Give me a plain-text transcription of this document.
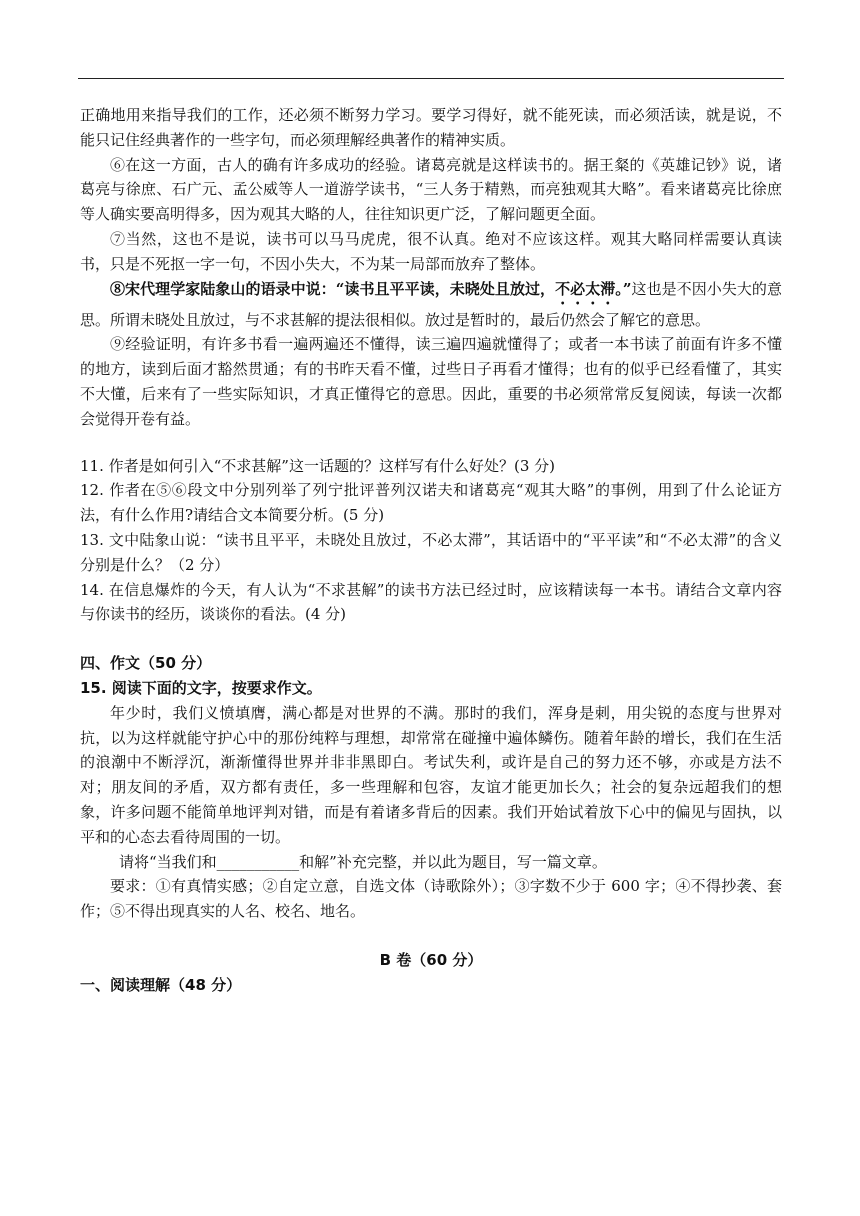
正确地用来指导我们的工作，还必须不断努力学习。要学习得好，就不能死读，而必须活读，就是说，不能只记住经典著作的一些字句，而必须理解经典著作的精神实质。

⑥在这一方面，古人的确有许多成功的经验。诸葛亮就是这样读书的。据王粲的《英雄记钞》说，诸葛亮与徐庶、石广元、孟公威等人一道游学读书，“三人务于精熟，而亮独观其大略”。看来诸葛亮比徐庶等人确实要高明得多，因为观其大略的人，往往知识更广泛，了解问题更全面。

⑦当然，这也不是说，读书可以马马虎虎，很不认真。绝对不应该这样。观其大略同样需要认真读书，只是不死抠一字一句，不因小失大，不为某一局部而放弃了整体。

⑧宋代理学家陆象山的语录中说：“读书且平平读，未晓处且放过，不必太滞。”这也是不因小失大的意思。所谓未晓处且放过，与不求甚解的提法很相似。放过是暂时的，最后仍然会了解它的意思。

⑨经验证明，有许多书看一遍两遍还不懂得，读三遍四遍就懂得了；或者一本书读了前面有许多不懂的地方，读到后面才豁然贯通；有的书昨天看不懂，过些日子再看才懂得；也有的似乎已经看懂了，其实不大懂，后来有了一些实际知识，才真正懂得它的意思。因此，重要的书必须常常反复阅读，每读一次都会觉得开卷有益。

11. 作者是如何引入“不求甚解”这一话题的？这样写有什么好处？(3 分)

12. 作者在⑤⑥段文中分别列举了列宁批评普列汉诺夫和诸葛亮“观其大略”的事例，用到了什么论证方法，有什么作用?请结合文本简要分析。(5 分)

13. 文中陆象山说：“读书且平平，未晓处且放过，不必太滞”，其话语中的“平平读”和“不必太滞”的含义分别是什么？（2 分）

14. 在信息爆炸的今天，有人认为“不求甚解”的读书方法已经过时，应该精读每一本书。请结合文章内容与你读书的经历，谈谈你的看法。(4 分)

四、作文（50 分）

15. 阅读下面的文字，按要求作文。

年少时，我们义愤填膺，满心都是对世界的不满。那时的我们，浑身是刺，用尖锐的态度与世界对抗，以为这样就能守护心中的那份纯粹与理想，却常常在碰撞中遍体鳞伤。随着年龄的增长，我们在生活的浪潮中不断浮沉，渐渐懂得世界并非非黑即白。考试失利，或许是自己的努力还不够，亦或是方法不对；朋友间的矛盾，双方都有责任，多一些理解和包容，友谊才能更加长久；社会的复杂远超我们的想象，许多问题不能简单地评判对错，而是有着诸多背后的因素。我们开始试着放下心中的偏见与固执，以平和的心态去看待周围的一切。

请将“当我们和___________和解”补充完整，并以此为题目，写一篇文章。

要求：①有真情实感；②自定立意，自选文体（诗歌除外）；③字数不少于 600 字；④不得抄袭、套作；⑤不得出现真实的人名、校名、地名。

B 卷（60 分）

一、阅读理解（48 分）
